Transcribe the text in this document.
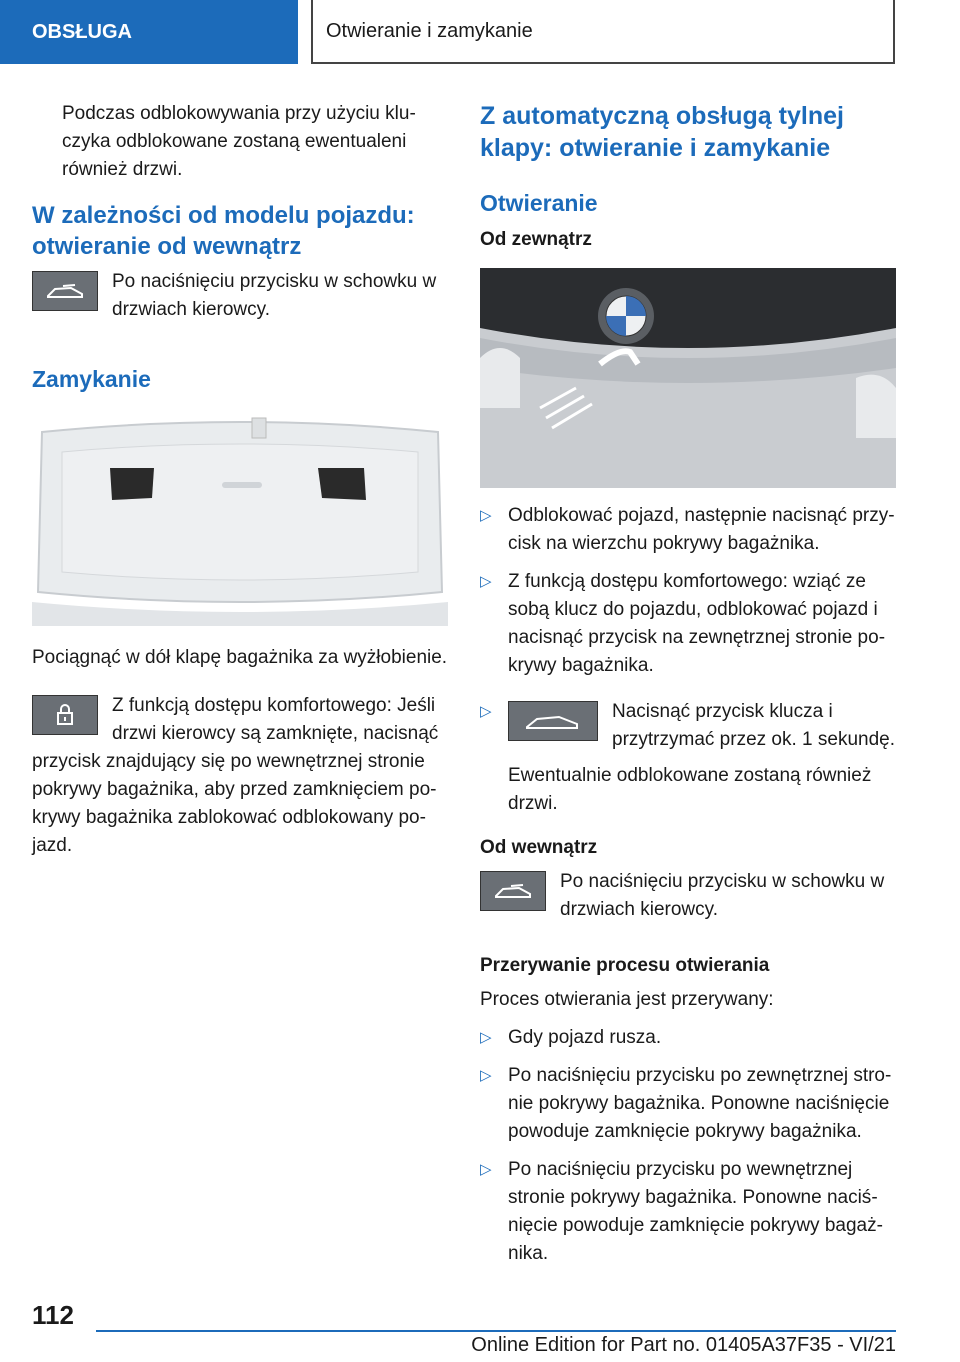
OBSŁUGA	Otwieranie i zamykanie

Podczas odblokowywania przy użyciu kluczyka odblokowane zostaną ewentualeni również drzwi.

W zależności od modelu pojazdu: otwieranie od wewnątrz

Po naciśnięciu przycisku w schowku w drzwiach kierowcy.

Zamykanie

Pociągnąć w dół klapę bagażnika za wyżłobienie.

Z funkcją dostępu komfortowego: Jeśli drzwi kierowcy są zamknięte, nacisnąć przycisk znajdujący się po wewnętrznej stronie pokrywy bagażnika, aby przed zamknięciem pokrywy bagażnika zablokować odblokowany pojazd.

Z automatyczną obsługą tylnej klapy: otwieranie i zamykanie
Otwieranie
Od zewnątrz
▷ Odblokować pojazd, następnie nacisnąć przycisk na wierzchu pokrywy bagażnika.
▷ Z funkcją dostępu komfortowego: wziąć ze sobą klucz do pojazdu, odblokować pojazd i nacisnąć przycisk na zewnętrznej stronie pokrywy bagażnika.
▷	Nacisnąć przycisk klucza i przytrzymać przez ok. 1 sekundę.

Ewentualnie odblokowane zostaną również drzwi.

Od wewnątrz

Po naciśnięciu przycisku w schowku w drzwiach kierowcy.

Przerywanie procesu otwierania

Proces otwierania jest przerywany:

▷ Gdy pojazd rusza.
▷ Po naciśnięciu przycisku po zewnętrznej stronie pokrywy bagażnika. Ponowne naciśnięcie powoduje zamknięcie pokrywy bagażnika.
▷ Po naciśnięciu przycisku po wewnętrznej stronie pokrywy bagażnika. Ponowne naciśnięcie powoduje zamknięcie pokrywy bagażnika.
112
Online Edition for Part no. 01405A37F35 - VI/21
